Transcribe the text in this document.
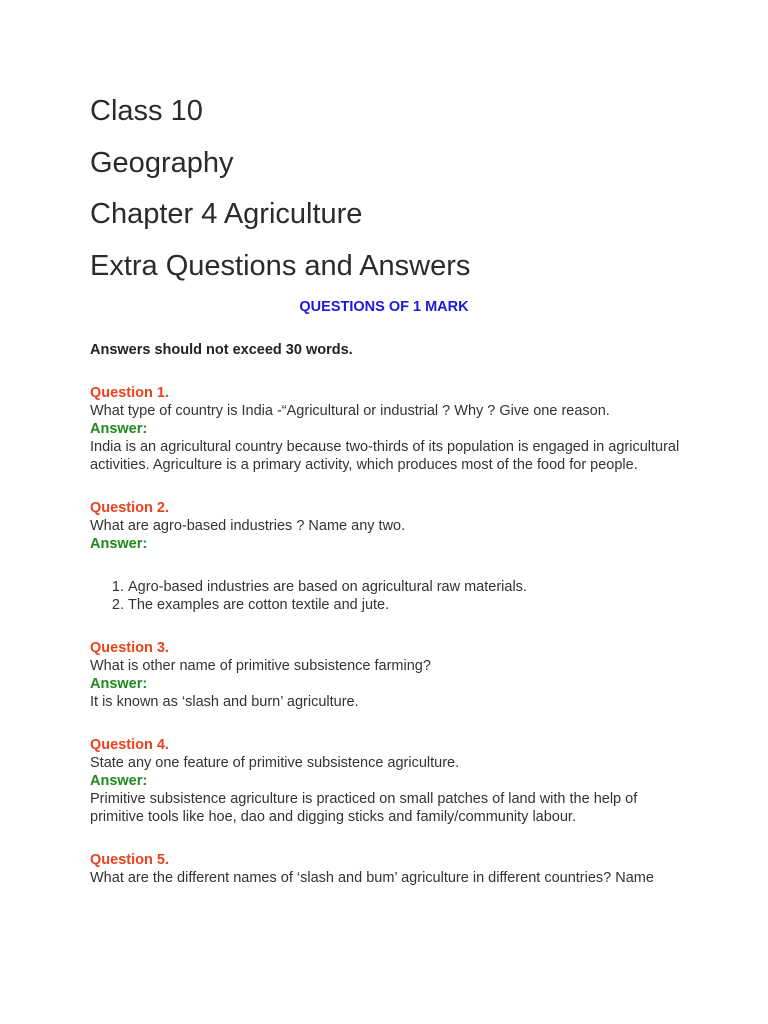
Class 10
Geography
Chapter 4 Agriculture
Extra Questions and Answers
QUESTIONS OF 1 MARK
Answers should not exceed 30 words.
Question 1.
What type of country is India -“Agricultural or industrial ? Why ? Give one reason.
Answer:
India is an agricultural country because two-thirds of its population is engaged in agricultural activities. Agriculture is a primary activity, which produces most of the food for people.
Question 2.
What are agro-based industries ? Name any two.
Answer:
1. Agro-based industries are based on agricultural raw materials.
2. The examples are cotton textile and jute.
Question 3.
What is other name of primitive subsistence farming?
Answer:
It is known as ‘slash and burn’ agriculture.
Question 4.
State any one feature of primitive subsistence agriculture.
Answer:
Primitive subsistence agriculture is practiced on small patches of land with the help of primitive tools like hoe, dao and digging sticks and family/community labour.
Question 5.
What are the different names of ‘slash and bum’ agriculture in different countries? Name
